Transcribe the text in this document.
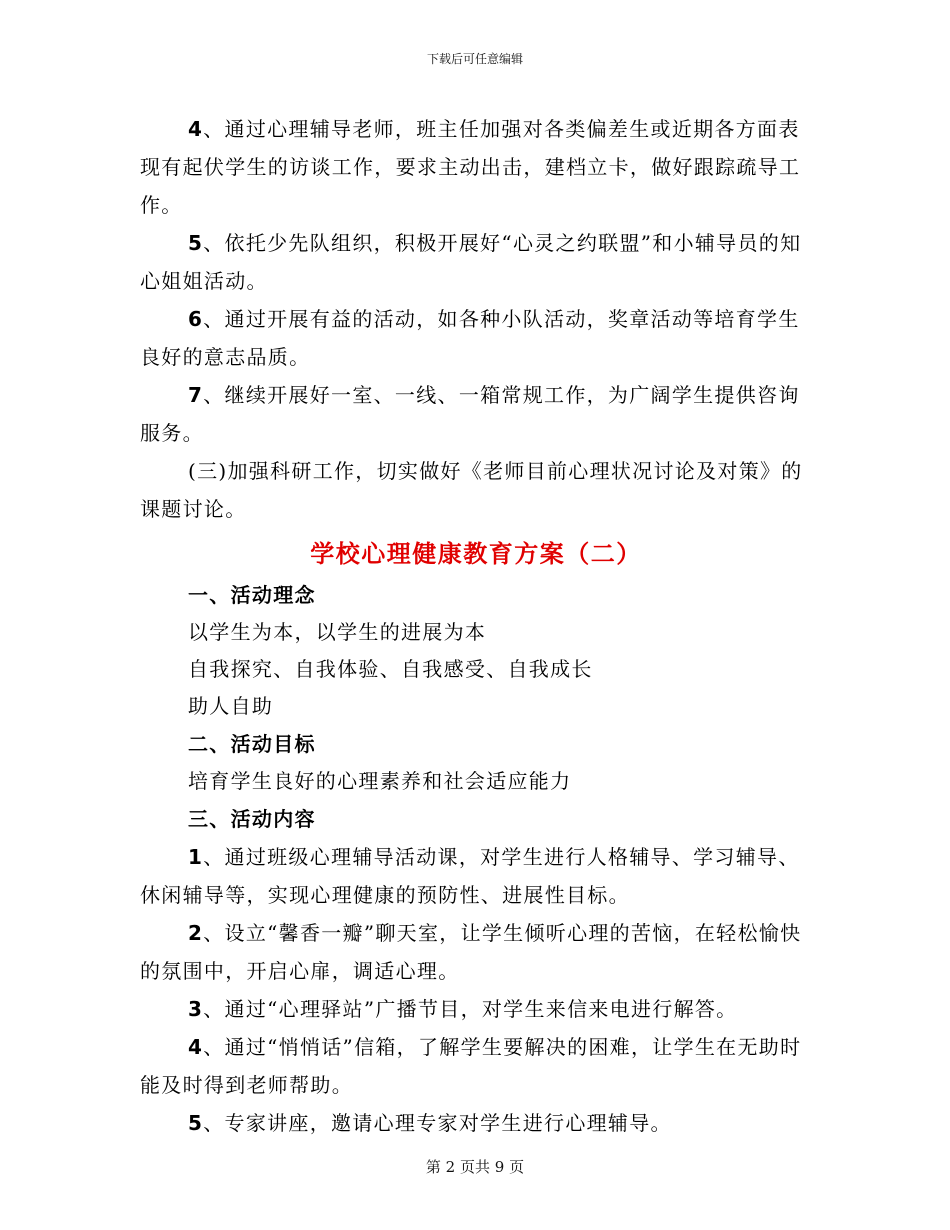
下载后可任意编辑

4、通过心理辅导老师，班主任加强对各类偏差生或近期各方面表现有起伏学生的访谈工作，要求主动出击，建档立卡，做好跟踪疏导工作。

5、依托少先队组织，积极开展好“心灵之约联盟”和小辅导员的知心姐姐活动。

6、通过开展有益的活动，如各种小队活动，奖章活动等培育学生良好的意志品质。

7、继续开展好一室、一线、一箱常规工作，为广阔学生提供咨询服务。

(三)加强科研工作，切实做好《老师目前心理状况讨论及对策》的课题讨论。

学校心理健康教育方案（二）

一、活动理念

以学生为本，以学生的进展为本

自我探究、自我体验、自我感受、自我成长

助人自助

二、活动目标

培育学生良好的心理素养和社会适应能力

三、活动内容

1、通过班级心理辅导活动课，对学生进行人格辅导、学习辅导、休闲辅导等，实现心理健康的预防性、进展性目标。

2、设立“馨香一瓣”聊天室，让学生倾听心理的苦恼，在轻松愉快的氛围中，开启心扉，调适心理。

3、通过“心理驿站”广播节目，对学生来信来电进行解答。

4、通过“悄悄话”信箱，了解学生要解决的困难，让学生在无助时能及时得到老师帮助。

5、专家讲座，邀请心理专家对学生进行心理辅导。

第 2 页共 9 页
